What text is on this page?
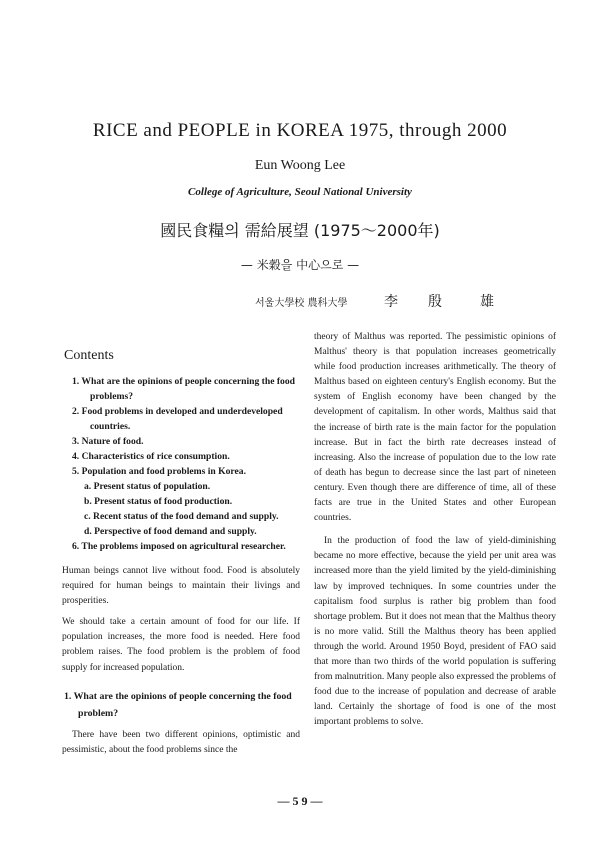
RICE and PEOPLE in KOREA 1975, through 2000
Eun Woong Lee
College of Agriculture, Seoul National University
國民食糧의 需給展望 (1975～2000年)
— 米穀을 中心으로 —
서울大學校 農科大學	李 殷	雄
Contents
1. What are the opinions of people concerning the food problems?
2. Food problems in developed and underdeveloped countries.
3. Nature of food.
4. Characteristics of rice consumption.
5. Population and food problems in Korea.
a. Present status of population.
b. Present status of food production.
c. Recent status of the food demand and supply.
d. Perspective of food demand and supply.
6. The problems imposed on agricultural researcher.

Human beings cannot live without food. Food is absolutely required for human beings to maintain their livings and prosperities.

We should take a certain amount of food for our life. If population increases, the more food is needed. Here food problem raises. The food problem is the problem of food supply for increased population.

1. What are the opinions of people concerning the food problem?

There have been two different opinions, optimistic and pessimistic, about the food problems since the

theory of Malthus was reported. The pessimistic opinions of Malthus' theory is that population increases geometrically while food production increases arithmetically. The theory of Malthus based on eighteen century's English economy. But the system of English economy have been changed by the development of capitalism. In other words, Malthus said that the increase of birth rate is the main factor for the population increase. But in fact the birth rate decreases instead of increasing. Also the increase of population due to the low rate of death has begun to decrease since the last part of nineteen century. Even though there are difference of time, all of these facts are true in the United States and other European countries.

In the production of food the law of yield-diminishing became no more effective, because the yield per unit area was increased more than the yield limited by the yield-diminishing law by improved techniques. In some countries under the capitalism food surplus is rather big problem than food shortage problem. But it does not mean that the Malthus theory is no more valid. Still the Malthus theory has been applied through the world. Around 1950 Boyd, president of FAO said that more than two thirds of the world population is suffering from malnutrition. Many people also expressed the problems of food due to the increase of population and decrease of arable land. Certainly the shortage of food is one of the most important problems to solve.

— 5 9 —
